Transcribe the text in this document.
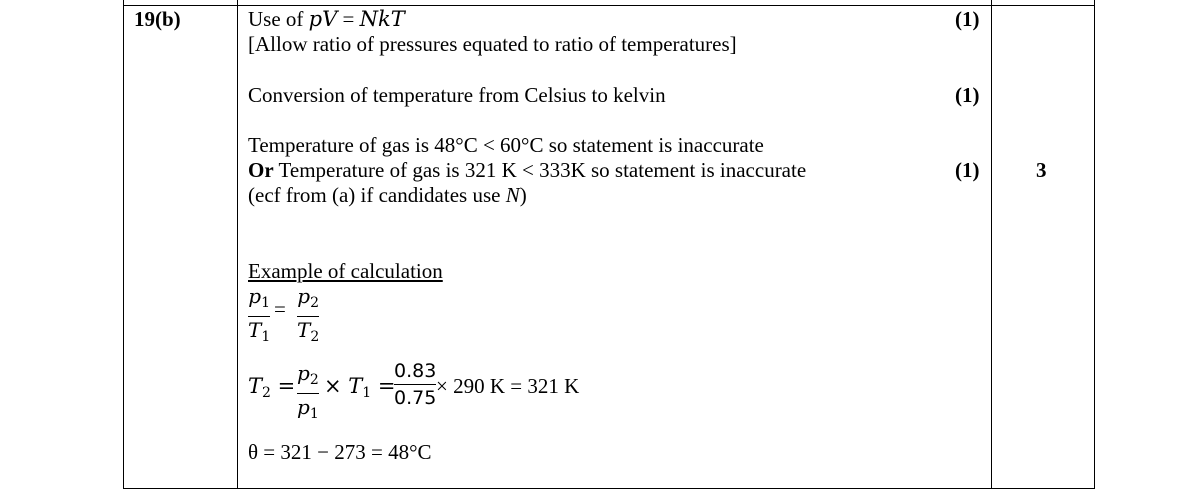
19(b)	Use of pV = NkT
[Allow ratio of pressures equated to ratio of temperatures]
Conversion of temperature from Celsius to kelvin
Temperature of gas is 48°C < 60°C so statement is inaccurate
Or Temperature of gas is 321 K < 333K so statement is inaccurate
(ecf from (a) if candidates use N)
(1)
(1)
(1)	3
Example of calculation
$p_1$
$T_1$
=
$p_2$
$T_2$
$T_2$ =
$p_2$
$p_1$
× $T_1$ =
0.83
0.75 × 290 K = 321 K
θ = 321 − 273 = 48°C
